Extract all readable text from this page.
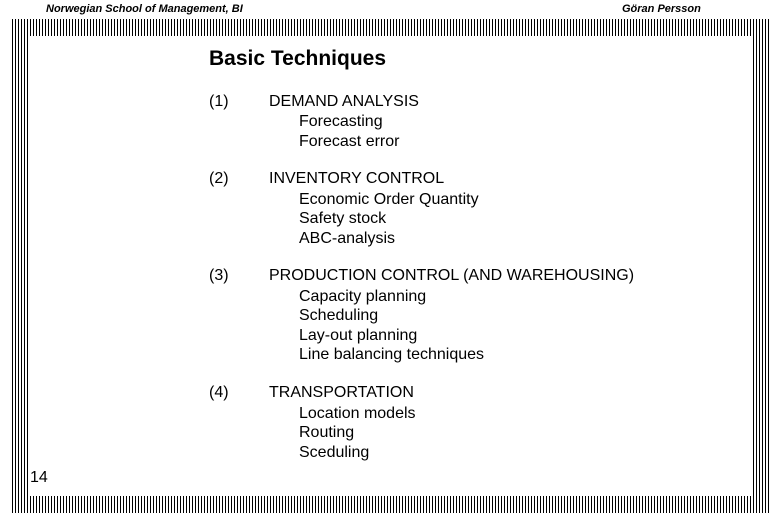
Norwegian School of Management, BI	Göran Persson
Basic Techniques
(1)	DEMAND ANALYSIS
Forecasting
Forecast error
(2)	INVENTORY CONTROL
Economic Order Quantity
Safety stock
ABC-analysis
(3)	PRODUCTION CONTROL (AND WAREHOUSING)
Capacity planning
Scheduling
Lay-out planning
Line balancing techniques
(4)	TRANSPORTATION
Location models
Routing
Sceduling
14
